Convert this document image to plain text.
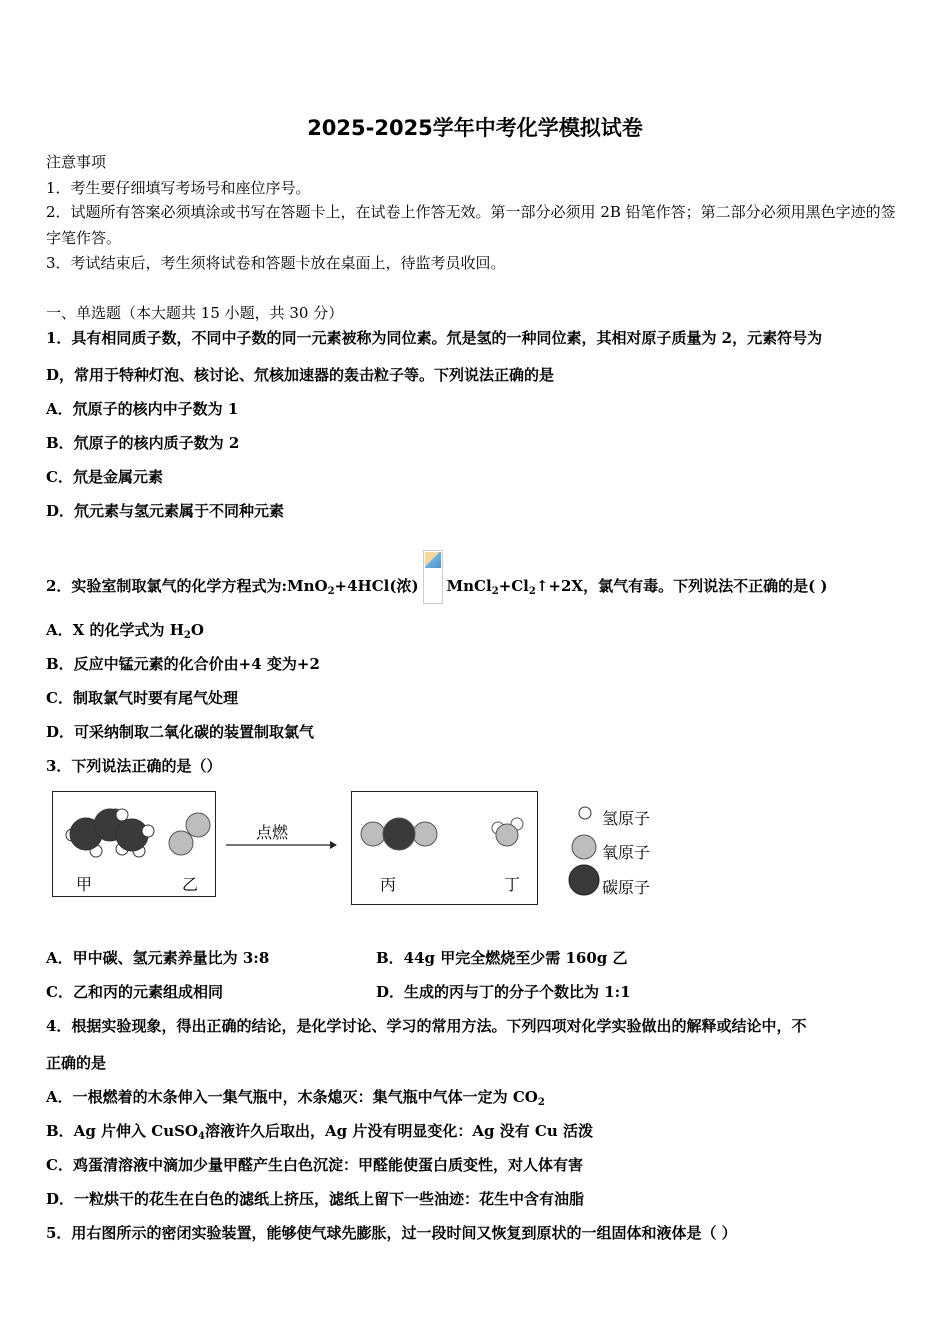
2025-2025学年中考化学模拟试卷
注意事项
1．考生要仔细填写考场号和座位序号。
2．试题所有答案必须填涂或书写在答题卡上，在试卷上作答无效。第一部分必须用 2B 铅笔作答；第二部分必须用黑色字迹的签字笔作答。
3．考试结束后，考生须将试卷和答题卡放在桌面上，待监考员收回。
一、单选题（本大题共 15 小题，共 30 分）
1．具有相同质子数，不同中子数的同一元素被称为同位素。氘是氢的一种同位素，其相对原子质量为 2，元素符号为
D，常用于特种灯泡、核讨论、氘核加速器的轰击粒子等。下列说法正确的是
A．氘原子的核内中子数为 1
B．氘原子的核内质子数为 2
C．氘是金属元素
D．氘元素与氢元素属于不同种元素
2．实验室制取氯气的化学方程式为:MnO$_2$+4HCl(浓) $MnCl_2+Cl_2↑+2X$，氯气有毒。下列说法不正确的是( )
A．X 的化学式为 $H_2O$
B．反应中锰元素的化合价由+4 变为+2
C．制取氯气时要有尾气处理
D．可采纳制取二氧化碳的装置制取氯气
3．下列说法正确的是（）
甲	乙
点燃
丙	丁
氢原子
氧原子
碳原子
A．甲中碳、氢元素养量比为 3:8	B．44g 甲完全燃烧至少需 160g 乙
C．乙和丙的元素组成相同	D．生成的丙与丁的分子个数比为 1:1
4．根据实验现象，得出正确的结论，是化学讨论、学习的常用方法。下列四项对化学实验做出的解释或结论中，不
正确的是
A．一根燃着的木条伸入一集气瓶中，木条熄灭：集气瓶中气体一定为 $CO_2$
B．Ag 片伸入 CuSO$_4$溶液许久后取出，Ag 片没有明显变化：Ag 没有 Cu 活泼
C．鸡蛋清溶液中滴加少量甲醛产生白色沉淀：甲醛能使蛋白质变性，对人体有害
D．一粒烘干的花生在白色的滤纸上挤压，滤纸上留下一些油迹：花生中含有油脂
5．用右图所示的密闭实验装置，能够使气球先膨胀，过一段时间又恢复到原状的一组固体和液体是（ ）
